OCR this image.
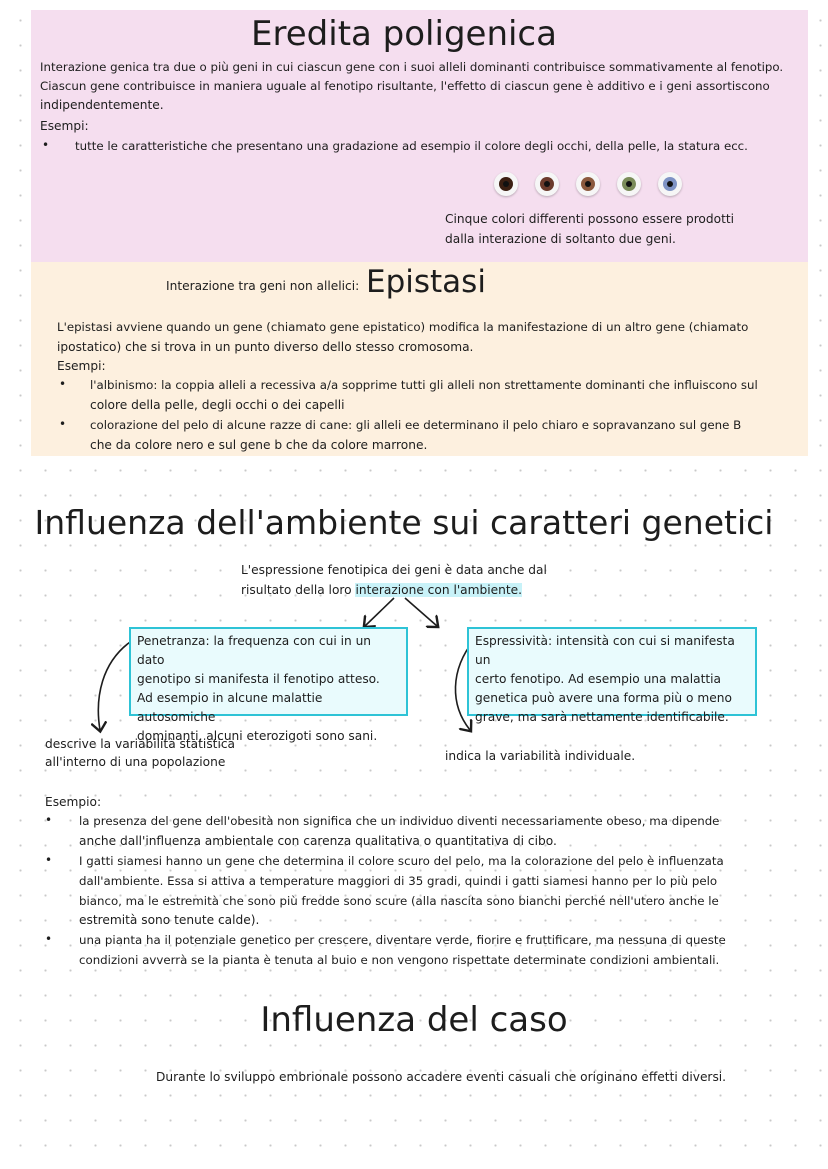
Eredita poligenica
Interazione genica tra due o più geni in cui ciascun gene con i suoi alleli dominanti contribuisce sommativamente al fenotipo.
Ciascun gene contribuisce in maniera uguale al fenotipo risultante, l'effetto di ciascun gene è additivo e i geni assortiscono
indipendentemente.
Esempi:
• tutte le caratteristiche che presentano una gradazione ad esempio il colore degli occhi, della pelle, la statura ecc.
Cinque colori differenti possono essere prodotti
dalla interazione di soltanto due geni.
Interazione tra geni non allelici: Epistasi
L'epistasi avviene quando un gene (chiamato gene epistatico) modifica la manifestazione di un altro gene (chiamato
ipostatico) che si trova in un punto diverso dello stesso cromosoma.
Esempi:
• l'albinismo: la coppia alleli a recessiva a/a sopprime tutti gli alleli non strettamente dominanti che influiscono sul
colore della pelle, degli occhi o dei capelli
• colorazione del pelo di alcune razze di cane: gli alleli ee determinano il pelo chiaro e sopravanzano sul gene B
che da colore nero e sul gene b che da colore marrone.
Influenza dell'ambiente sui caratteri genetici
L'espressione fenotipica dei geni è data anche dal
risultato della loro interazione con l'ambiente.
Penetranza: la frequenza con cui in un dato
genotipo si manifesta il fenotipo atteso.
Ad esempio in alcune malattie autosomiche
dominanti, alcuni eterozigoti sono sani.
Espressività: intensità con cui si manifesta un
certo fenotipo. Ad esempio una malattia
genetica può avere una forma più o meno
grave, ma sarà nettamente identificabile.
descrive la variabilità statistica
all'interno di una popolazione	indica la variabilità individuale.
Esempio:
• la presenza del gene dell'obesità non significa che un individuo diventi necessariamente obeso, ma dipende
anche dall'influenza ambientale con carenza qualitativa o quantitativa di cibo.
• I gatti siamesi hanno un gene che determina il colore scuro del pelo, ma la colorazione del pelo è influenzata
dall'ambiente. Essa si attiva a temperature maggiori di 35 gradi, quindi i gatti siamesi hanno per lo più pelo
bianco, ma le estremità che sono più fredde sono scure (alla nascita sono bianchi perché nell'utero anche le
estremità sono tenute calde).
• una pianta ha il potenziale genetico per crescere, diventare verde, fiorire e fruttificare, ma nessuna di queste
condizioni avverrà se la pianta è tenuta al buio e non vengono rispettate determinate condizioni ambientali.
Influenza del caso
Durante lo sviluppo embrionale possono accadere eventi casuali che originano effetti diversi.
